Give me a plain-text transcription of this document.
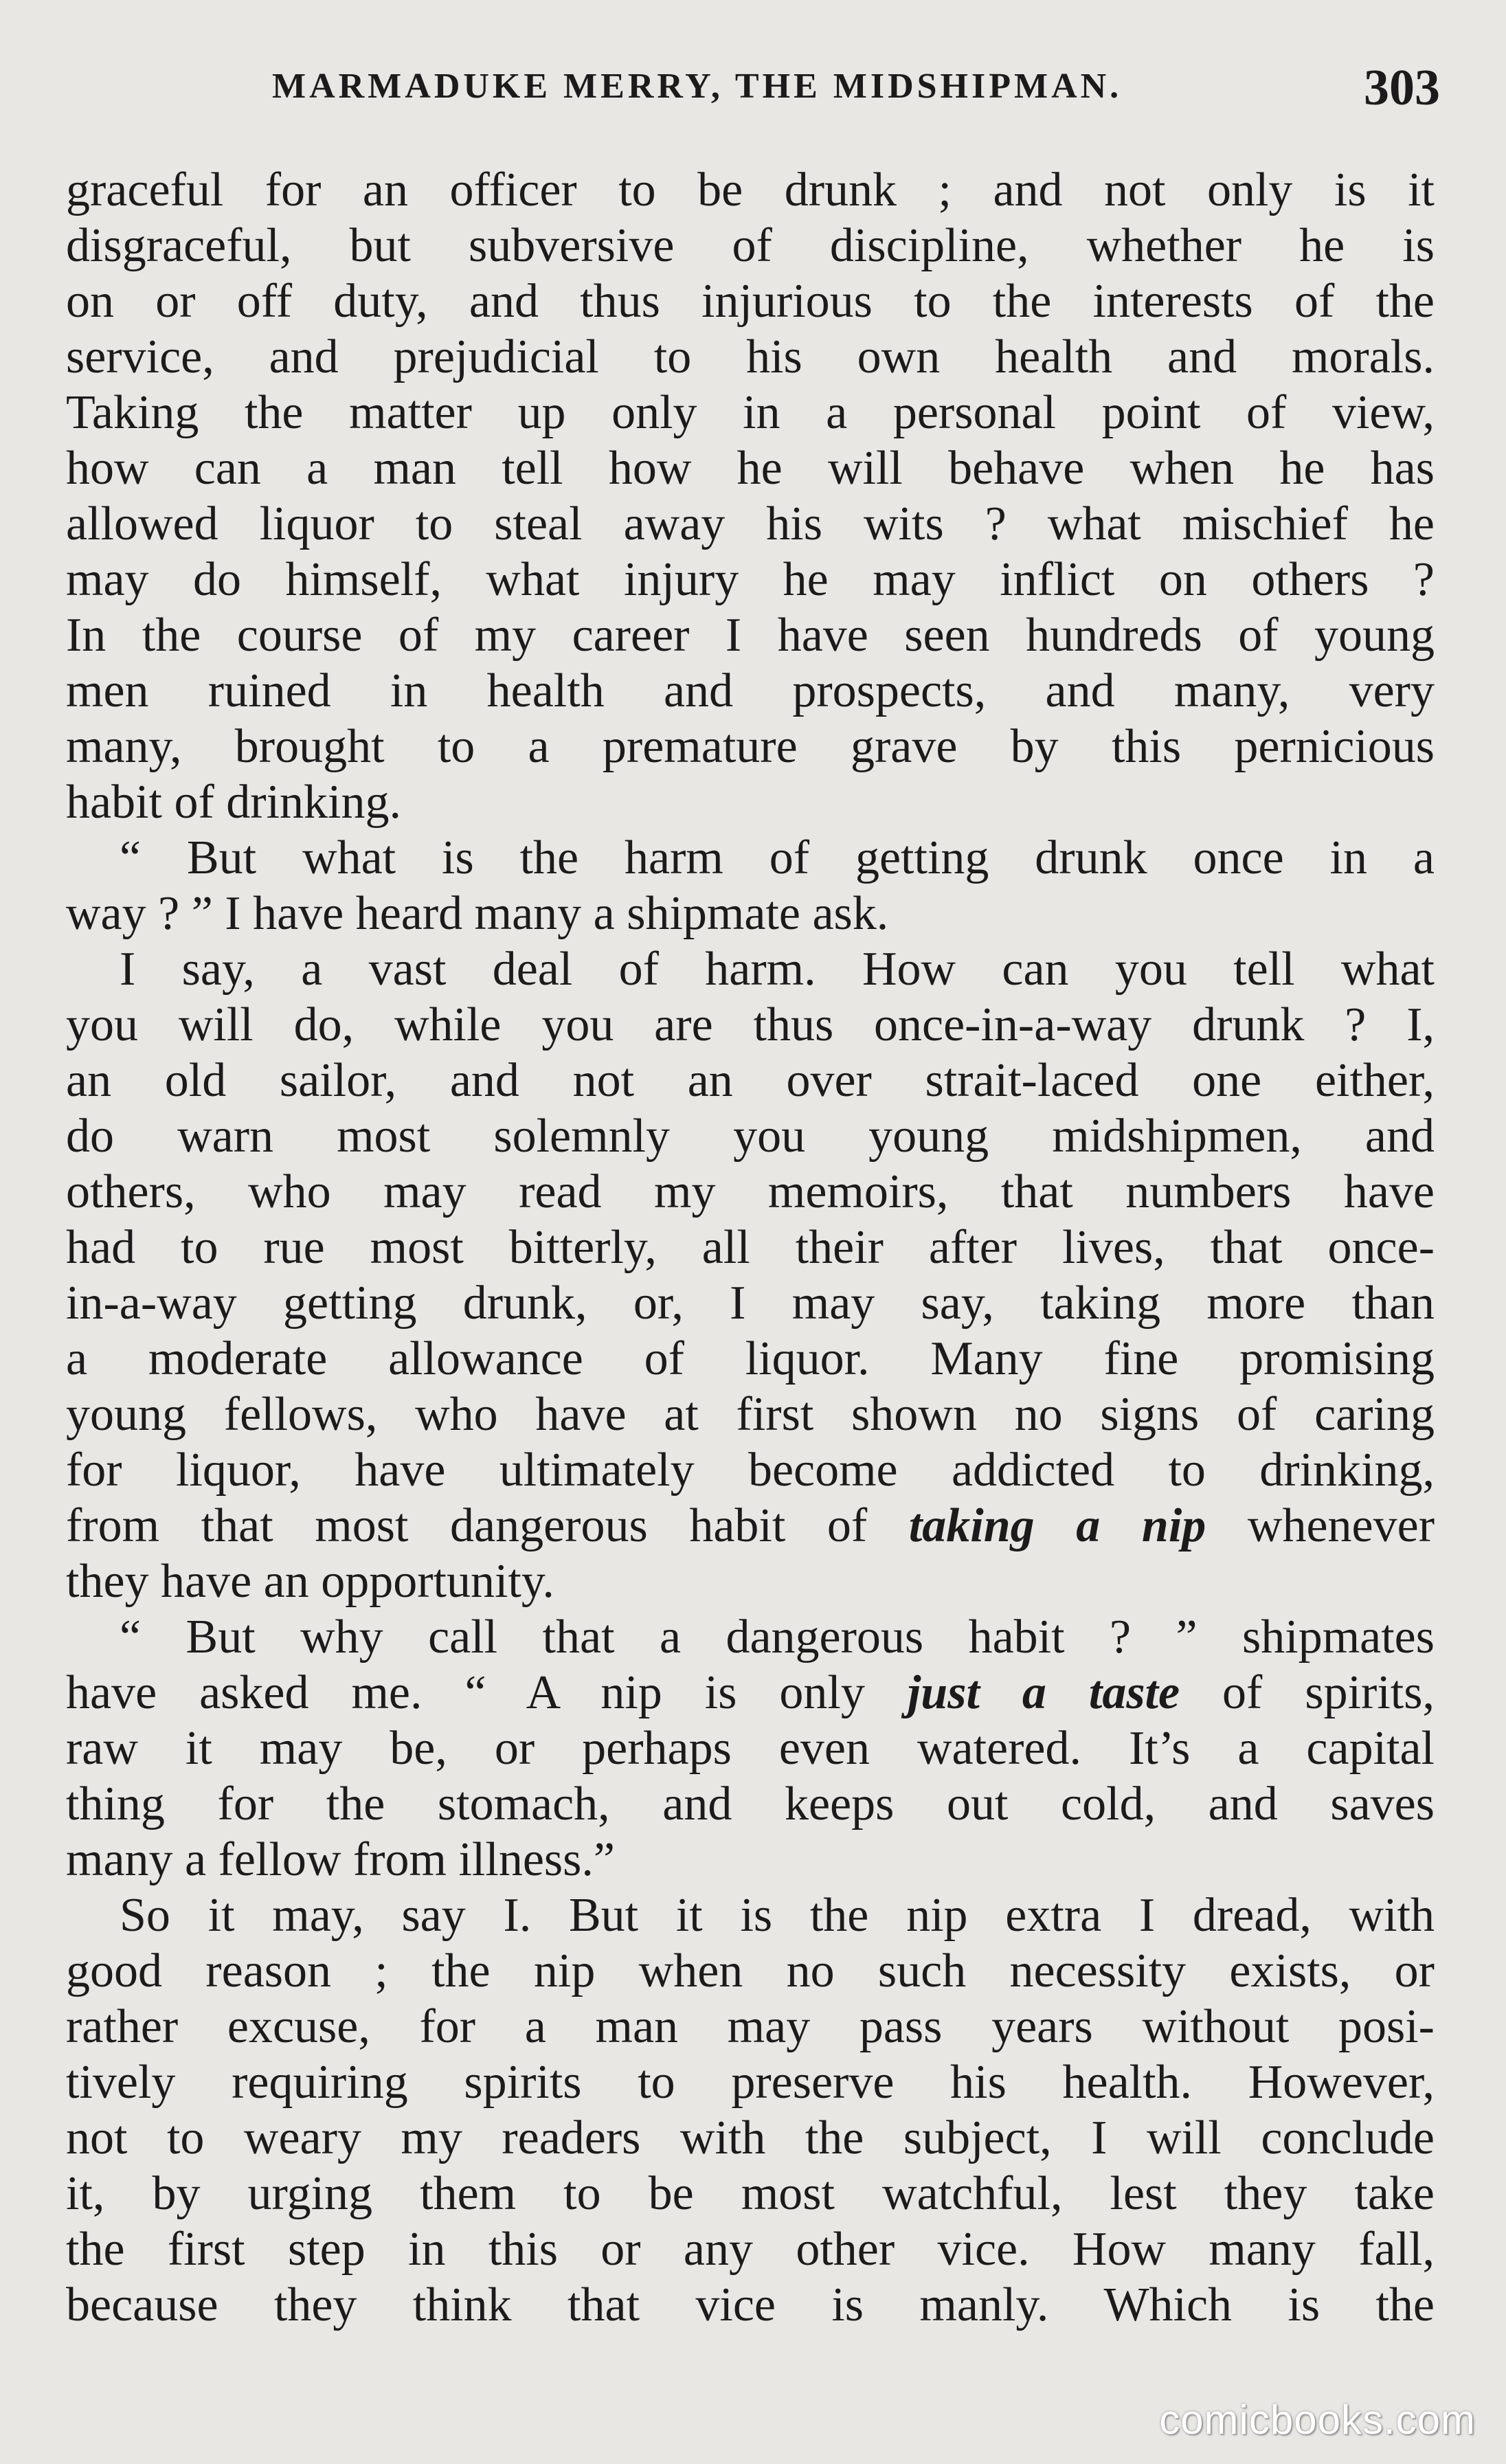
MARMADUKE MERRY, THE MIDSHIPMAN.	303
graceful for an officer to be drunk ; and not only is it
disgraceful, but subversive of discipline, whether he is
on or off duty, and thus injurious to the interests of the
service, and prejudicial to his own health and morals.
Taking the matter up only in a personal point of view,
how can a man tell how he will behave when he has
allowed liquor to steal away his wits ? what mischief he
may do himself, what injury he may inflict on others ?
In the course of my career I have seen hundreds of young
men ruined in health and prospects, and many, very
many, brought to a premature grave by this pernicious
habit of drinking.
“ But what is the harm of getting drunk once in a
way ? ” I have heard many a shipmate ask.
I say, a vast deal of harm. How can you tell what
you will do, while you are thus once-in-a-way drunk ? I,
an old sailor, and not an over strait-laced one either,
do warn most solemnly you young midshipmen, and
others, who may read my memoirs, that numbers have
had to rue most bitterly, all their after lives, that once-
in-a-way getting drunk, or, I may say, taking more than
a moderate allowance of liquor. Many fine promising
young fellows, who have at first shown no signs of caring
for liquor, have ultimately become addicted to drinking,
from that most dangerous habit of taking a nip whenever
they have an opportunity.
“ But why call that a dangerous habit ? ” shipmates
have asked me. “ A nip is only just a taste of spirits,
raw it may be, or perhaps even watered. It’s a capital
thing for the stomach, and keeps out cold, and saves
many a fellow from illness.”
So it may, say I. But it is the nip extra I dread, with
good reason ; the nip when no such necessity exists, or
rather excuse, for a man may pass years without posi-
tively requiring spirits to preserve his health. However,
not to weary my readers with the subject, I will conclude
it, by urging them to be most watchful, lest they take
the first step in this or any other vice. How many fall,
because they think that vice is manly. Which is the
comicbooks.com
